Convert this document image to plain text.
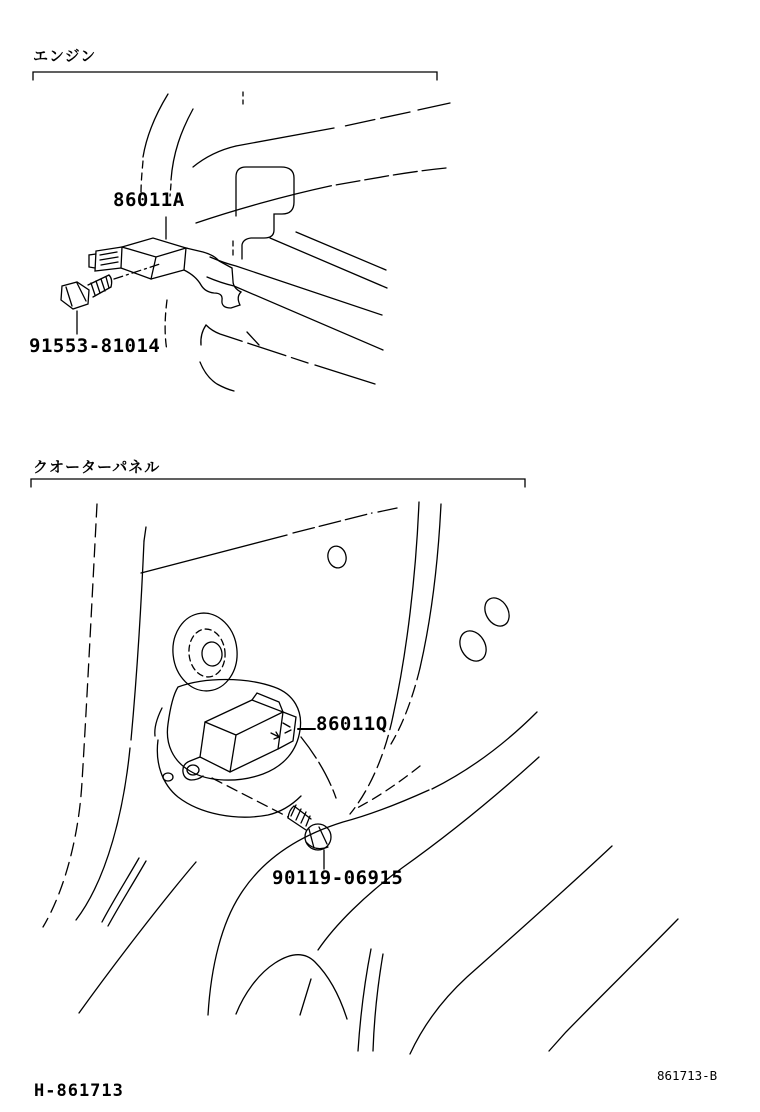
エンジン
86011A
91553-81014
クオーターパネル
86011Q
90119-06915
H-861713
861713-B
